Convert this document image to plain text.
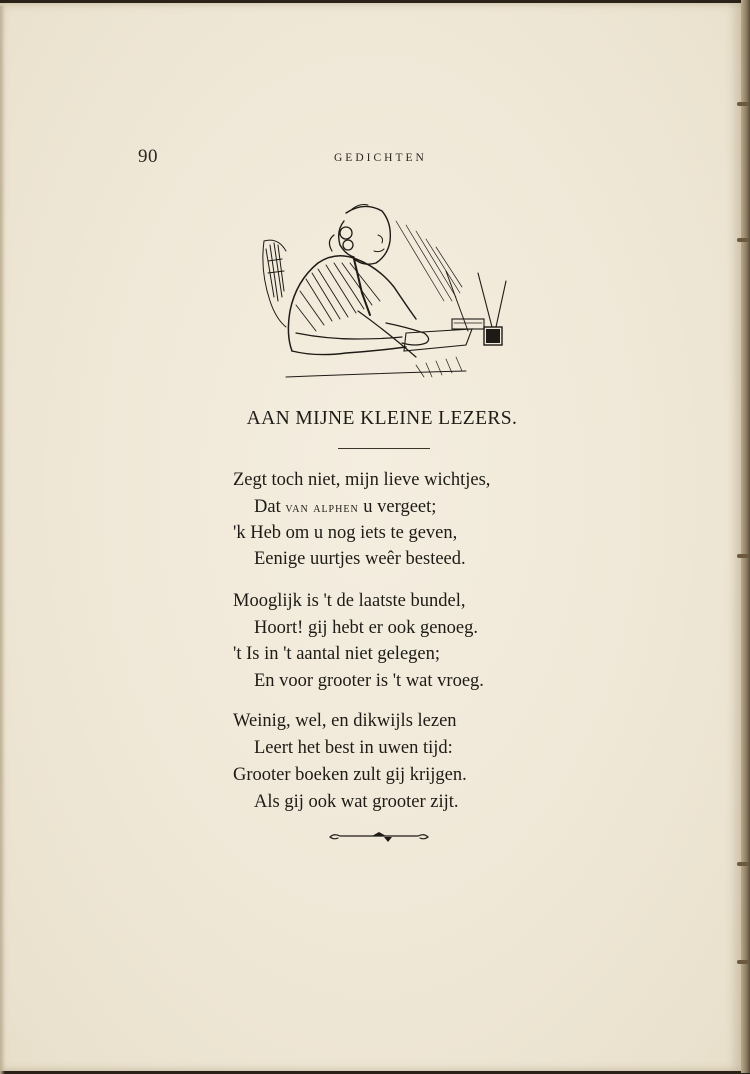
90	GEDICHTEN
AAN MIJNE KLEINE LEZERS.
Zegt toch niet, mijn lieve wichtjes,
Dat van alphen u vergeet;
'k Heb om u nog iets te geven,
Eenige uurtjes weêr besteed.
Mooglijk is 't de laatste bundel,
Hoort! gij hebt er ook genoeg.
't Is in 't aantal niet gelegen;
En voor grooter is 't wat vroeg.
Weinig, wel, en dikwijls lezen
Leert het best in uwen tijd:
Grooter boeken zult gij krijgen.
Als gij ook wat grooter zijt.
